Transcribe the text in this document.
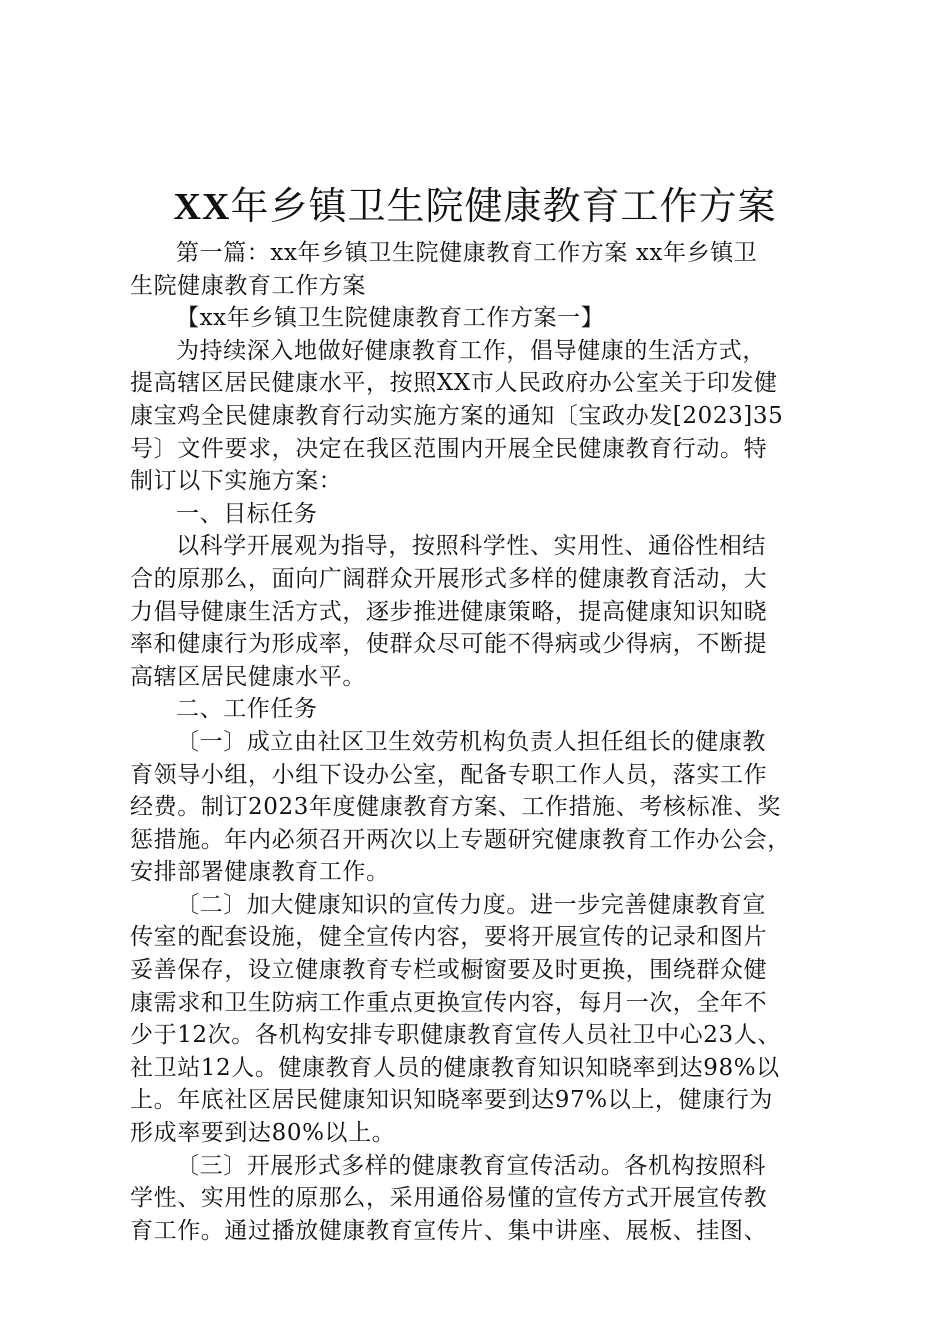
XX年乡镇卫生院健康教育工作方案
第一篇：xx年乡镇卫生院健康教育工作方案 xx年乡镇卫
生院健康教育工作方案
【xx年乡镇卫生院健康教育工作方案一】
为持续深入地做好健康教育工作，倡导健康的生活方式，
提高辖区居民健康水平，按照XX市人民政府办公室关于印发健
康宝鸡全民健康教育行动实施方案的通知〔宝政办发[2023]35
号〕文件要求，决定在我区范围内开展全民健康教育行动。特
制订以下实施方案：
一、目标任务
以科学开展观为指导，按照科学性、实用性、通俗性相结
合的原那么，面向广阔群众开展形式多样的健康教育活动，大
力倡导健康生活方式，逐步推进健康策略，提高健康知识知晓
率和健康行为形成率，使群众尽可能不得病或少得病，不断提
高辖区居民健康水平。
二、工作任务
〔一〕成立由社区卫生效劳机构负责人担任组长的健康教
育领导小组，小组下设办公室，配备专职工作人员，落实工作
经费。制订2023年度健康教育方案、工作措施、考核标准、奖
惩措施。年内必须召开两次以上专题研究健康教育工作办公会，
安排部署健康教育工作。
〔二〕加大健康知识的宣传力度。进一步完善健康教育宣
传室的配套设施，健全宣传内容，要将开展宣传的记录和图片
妥善保存，设立健康教育专栏或橱窗要及时更换，围绕群众健
康需求和卫生防病工作重点更换宣传内容，每月一次，全年不
少于12次。各机构安排专职健康教育宣传人员社卫中心23人、
社卫站12人。健康教育人员的健康教育知识知晓率到达98%以
上。年底社区居民健康知识知晓率要到达97%以上，健康行为
形成率要到达80%以上。
〔三〕开展形式多样的健康教育宣传活动。各机构按照科
学性、实用性的原那么，采用通俗易懂的宣传方式开展宣传教
育工作。通过播放健康教育宣传片、集中讲座、展板、挂图、
